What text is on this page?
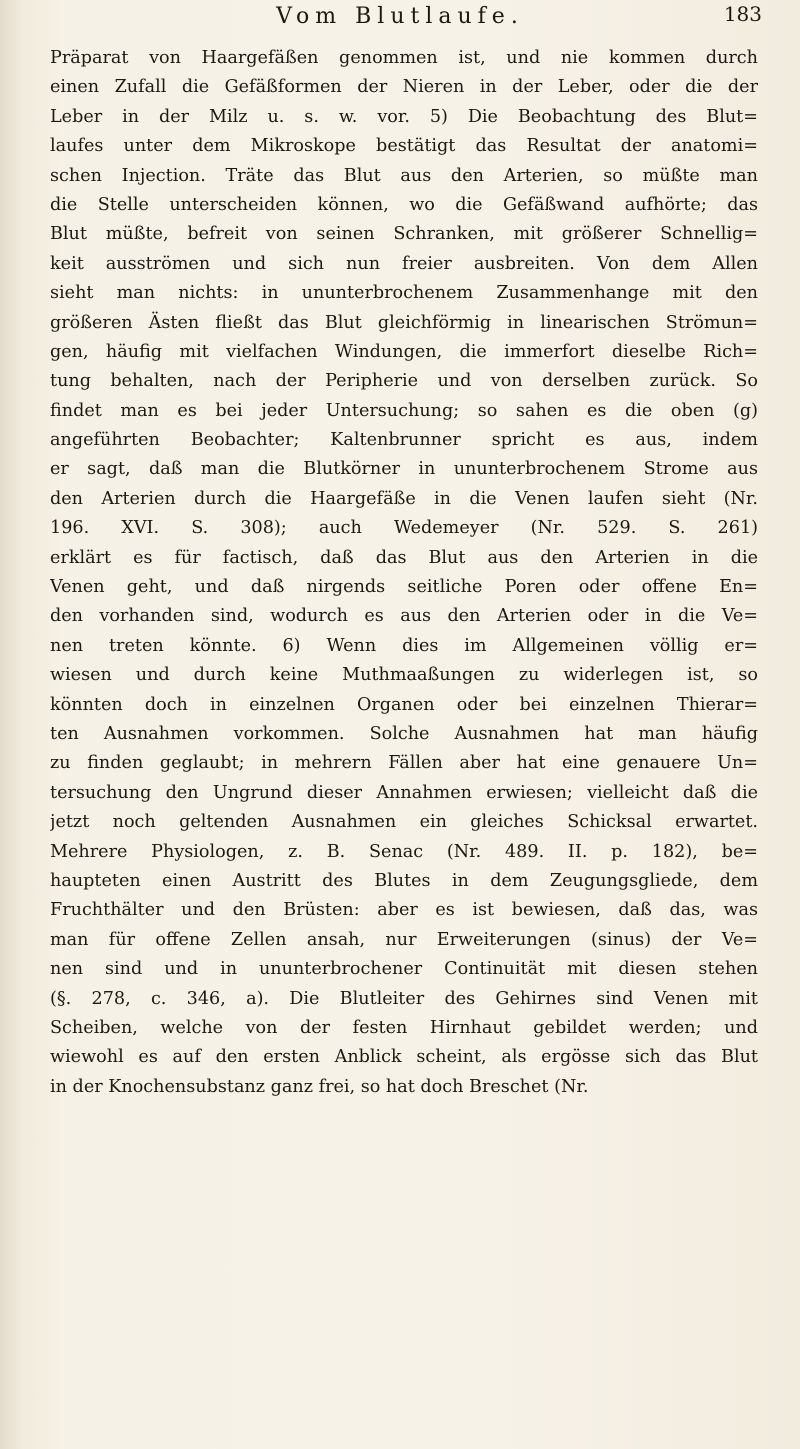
Vom Blutlaufe.	183
Präparat von Haargefäßen genommen ist, und nie kommen durch
einen Zufall die Gefäßformen der Nieren in der Leber, oder die der
Leber in der Milz u. s. w. vor. 5) Die Beobachtung des Blut=
laufes unter dem Mikroskope bestätigt das Resultat der anatomi=
schen Injection. Träte das Blut aus den Arterien, so müßte man
die Stelle unterscheiden können, wo die Gefäßwand aufhörte; das
Blut müßte, befreit von seinen Schranken, mit größerer Schnellig=
keit ausströmen und sich nun freier ausbreiten. Von dem Allen
sieht man nichts: in ununterbrochenem Zusammenhange mit den
größeren Ästen fließt das Blut gleichförmig in linearischen Strömun=
gen, häufig mit vielfachen Windungen, die immerfort dieselbe Rich=
tung behalten, nach der Peripherie und von derselben zurück. So
findet man es bei jeder Untersuchung; so sahen es die oben (g)
angeführten Beobachter; Kaltenbrunner spricht es aus, indem
er sagt, daß man die Blutkörner in ununterbrochenem Strome aus
den Arterien durch die Haargefäße in die Venen laufen sieht (Nr.
196. XVI. S. 308); auch Wedemeyer (Nr. 529. S. 261)
erklärt es für factisch, daß das Blut aus den Arterien in die
Venen geht, und daß nirgends seitliche Poren oder offene En=
den vorhanden sind, wodurch es aus den Arterien oder in die Ve=
nen treten könnte. 6) Wenn dies im Allgemeinen völlig er=
wiesen und durch keine Muthmaaßungen zu widerlegen ist, so
könnten doch in einzelnen Organen oder bei einzelnen Thierar=
ten Ausnahmen vorkommen. Solche Ausnahmen hat man häufig
zu finden geglaubt; in mehrern Fällen aber hat eine genauere Un=
tersuchung den Ungrund dieser Annahmen erwiesen; vielleicht daß die
jetzt noch geltenden Ausnahmen ein gleiches Schicksal erwartet.
Mehrere Physiologen, z. B. Senac (Nr. 489. II. p. 182), be=
haupteten einen Austritt des Blutes in dem Zeugungsgliede, dem
Fruchthälter und den Brüsten: aber es ist bewiesen, daß das, was
man für offene Zellen ansah, nur Erweiterungen (sinus) der Ve=
nen sind und in ununterbrochener Continuität mit diesen stehen
(§. 278, c. 346, a). Die Blutleiter des Gehirnes sind Venen mit
Scheiben, welche von der festen Hirnhaut gebildet werden; und
wiewohl es auf den ersten Anblick scheint, als ergösse sich das Blut
in der Knochensubstanz ganz frei, so hat doch Breschet (Nr.
